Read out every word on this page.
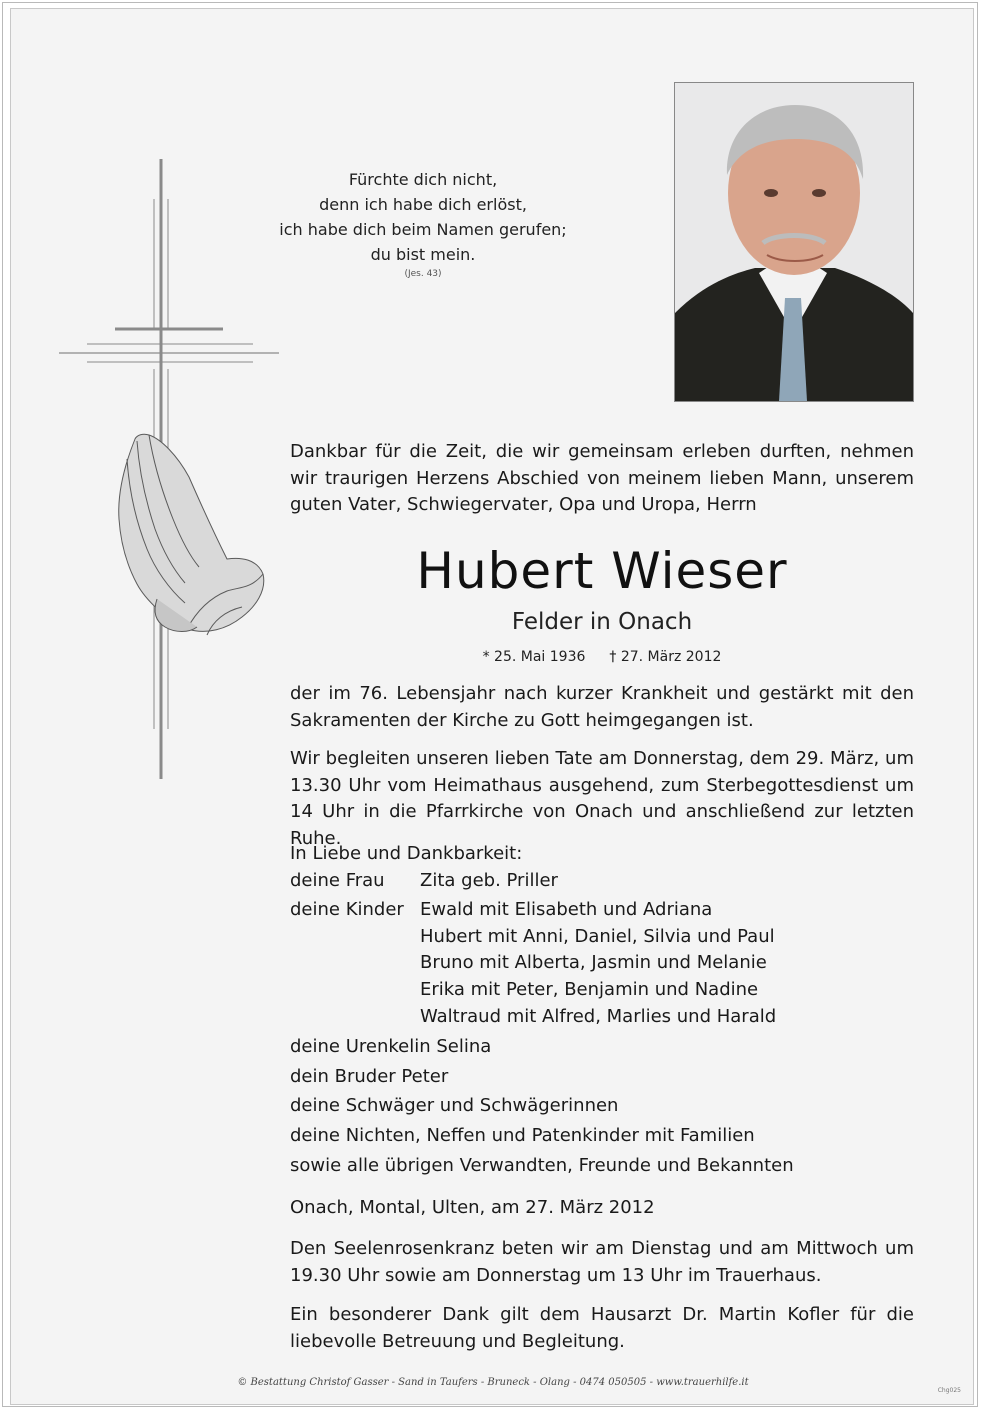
Fürchte dich nicht,
denn ich habe dich erlöst,
ich habe dich beim Namen gerufen;
du bist mein.
(Jes. 43)
Dankbar für die Zeit, die wir gemeinsam erleben durften, nehmen
wir traurigen Herzens Abschied von meinem lieben Mann, unserem
guten Vater, Schwiegervater, Opa und Uropa, Herrn
Hubert Wieser
Felder in Onach
* 25. Mai 1936 † 27. März 2012
der im 76. Lebensjahr nach kurzer Krankheit und gestärkt mit den
Sakramenten der Kirche zu Gott heimgegangen ist.
Wir begleiten unseren lieben Tate am Donnerstag, dem 29. März, um
13.30 Uhr vom Heimathaus ausgehend, zum Sterbegottesdienst um
14 Uhr in die Pfarrkirche von Onach und anschließend zur letzten Ruhe.
In Liebe und Dankbarkeit:
deine Frau	Zita geb. Priller
deine Kinder Ewald mit Elisabeth und Adriana
Hubert mit Anni, Daniel, Silvia und Paul
Bruno mit Alberta, Jasmin und Melanie
Erika mit Peter, Benjamin und Nadine
Waltraud mit Alfred, Marlies und Harald
deine Urenkelin Selina
dein Bruder Peter
deine Schwäger und Schwägerinnen
deine Nichten, Neffen und Patenkinder mit Familien
sowie alle übrigen Verwandten, Freunde und Bekannten
Onach, Montal, Ulten, am 27. März 2012
Den Seelenrosenkranz beten wir am Dienstag und am Mittwoch um
19.30 Uhr sowie am Donnerstag um 13 Uhr im Trauerhaus.
Ein besonderer Dank gilt dem Hausarzt Dr. Martin Kofler für die
liebevolle Betreuung und Begleitung.
© Bestattung Christof Gasser - Sand in Taufers - Bruneck - Olang - 0474 050505 - www.trauerhilfe.it
Chg025
